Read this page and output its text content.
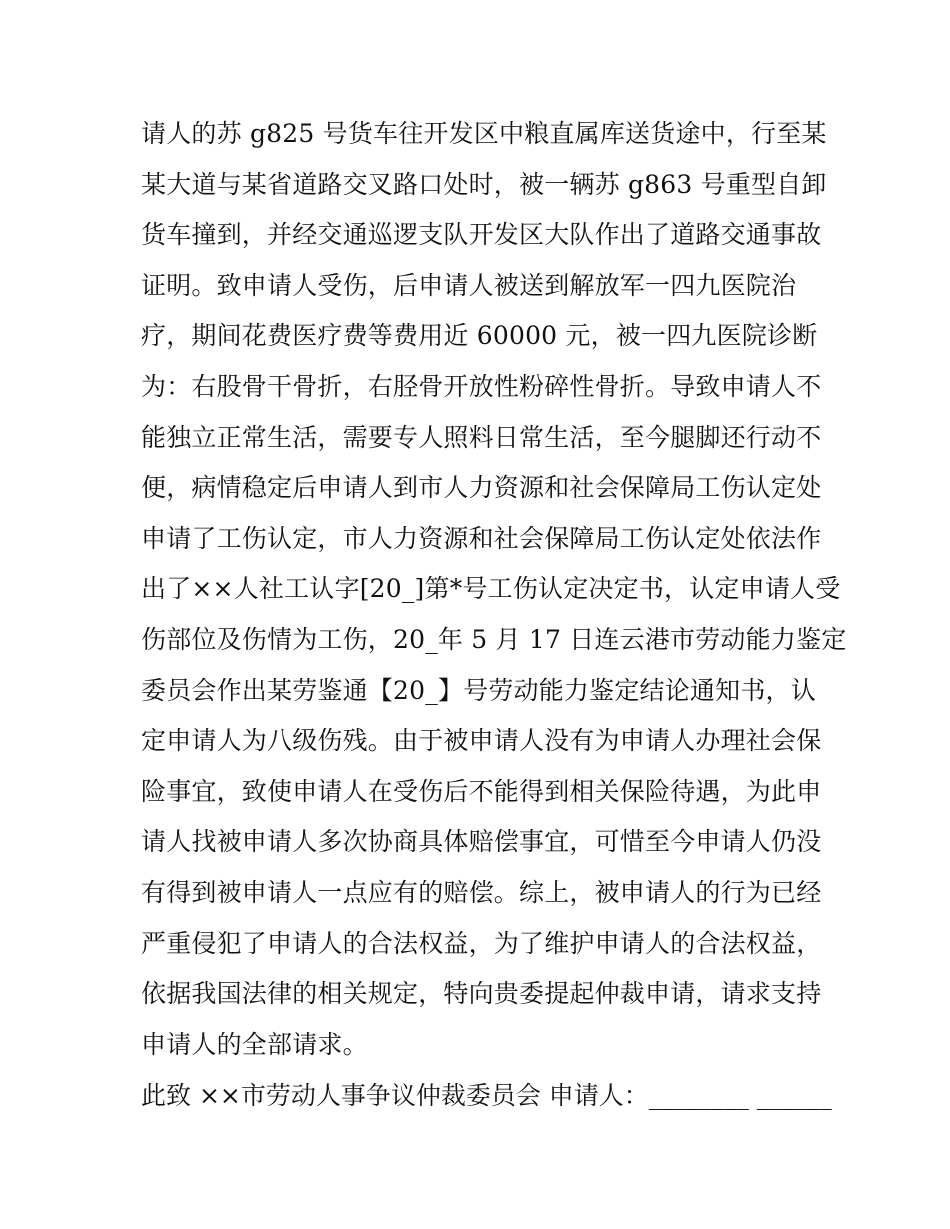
请人的苏 g825 号货车往开发区中粮直属库送货途中，行至某
某大道与某省道路交叉路口处时，被一辆苏 g863 号重型自卸
货车撞到，并经交通巡逻支队开发区大队作出了道路交通事故
证明。致申请人受伤，后申请人被送到解放军一四九医院治
疗，期间花费医疗费等费用近 60000 元，被一四九医院诊断
为：右股骨干骨折，右胫骨开放性粉碎性骨折。导致申请人不
能独立正常生活，需要专人照料日常生活，至今腿脚还行动不
便，病情稳定后申请人到市人力资源和社会保障局工伤认定处
申请了工伤认定，市人力资源和社会保障局工伤认定处依法作
出了××人社工认字[20_]第*号工伤认定决定书，认定申请人受
伤部位及伤情为工伤，20_年 5 月 17 日连云港市劳动能力鉴定
委员会作出某劳鉴通【20_】号劳动能力鉴定结论通知书，认
定申请人为八级伤残。由于被申请人没有为申请人办理社会保
险事宜，致使申请人在受伤后不能得到相关保险待遇，为此申
请人找被申请人多次协商具体赔偿事宜，可惜至今申请人仍没
有得到被申请人一点应有的赔偿。综上，被申请人的行为已经
严重侵犯了申请人的合法权益，为了维护申请人的合法权益，
依据我国法律的相关规定，特向贵委提起仲裁申请，请求支持
申请人的全部请求。
此致 ××市劳动人事争议仲裁委员会 申请人：________ ______
